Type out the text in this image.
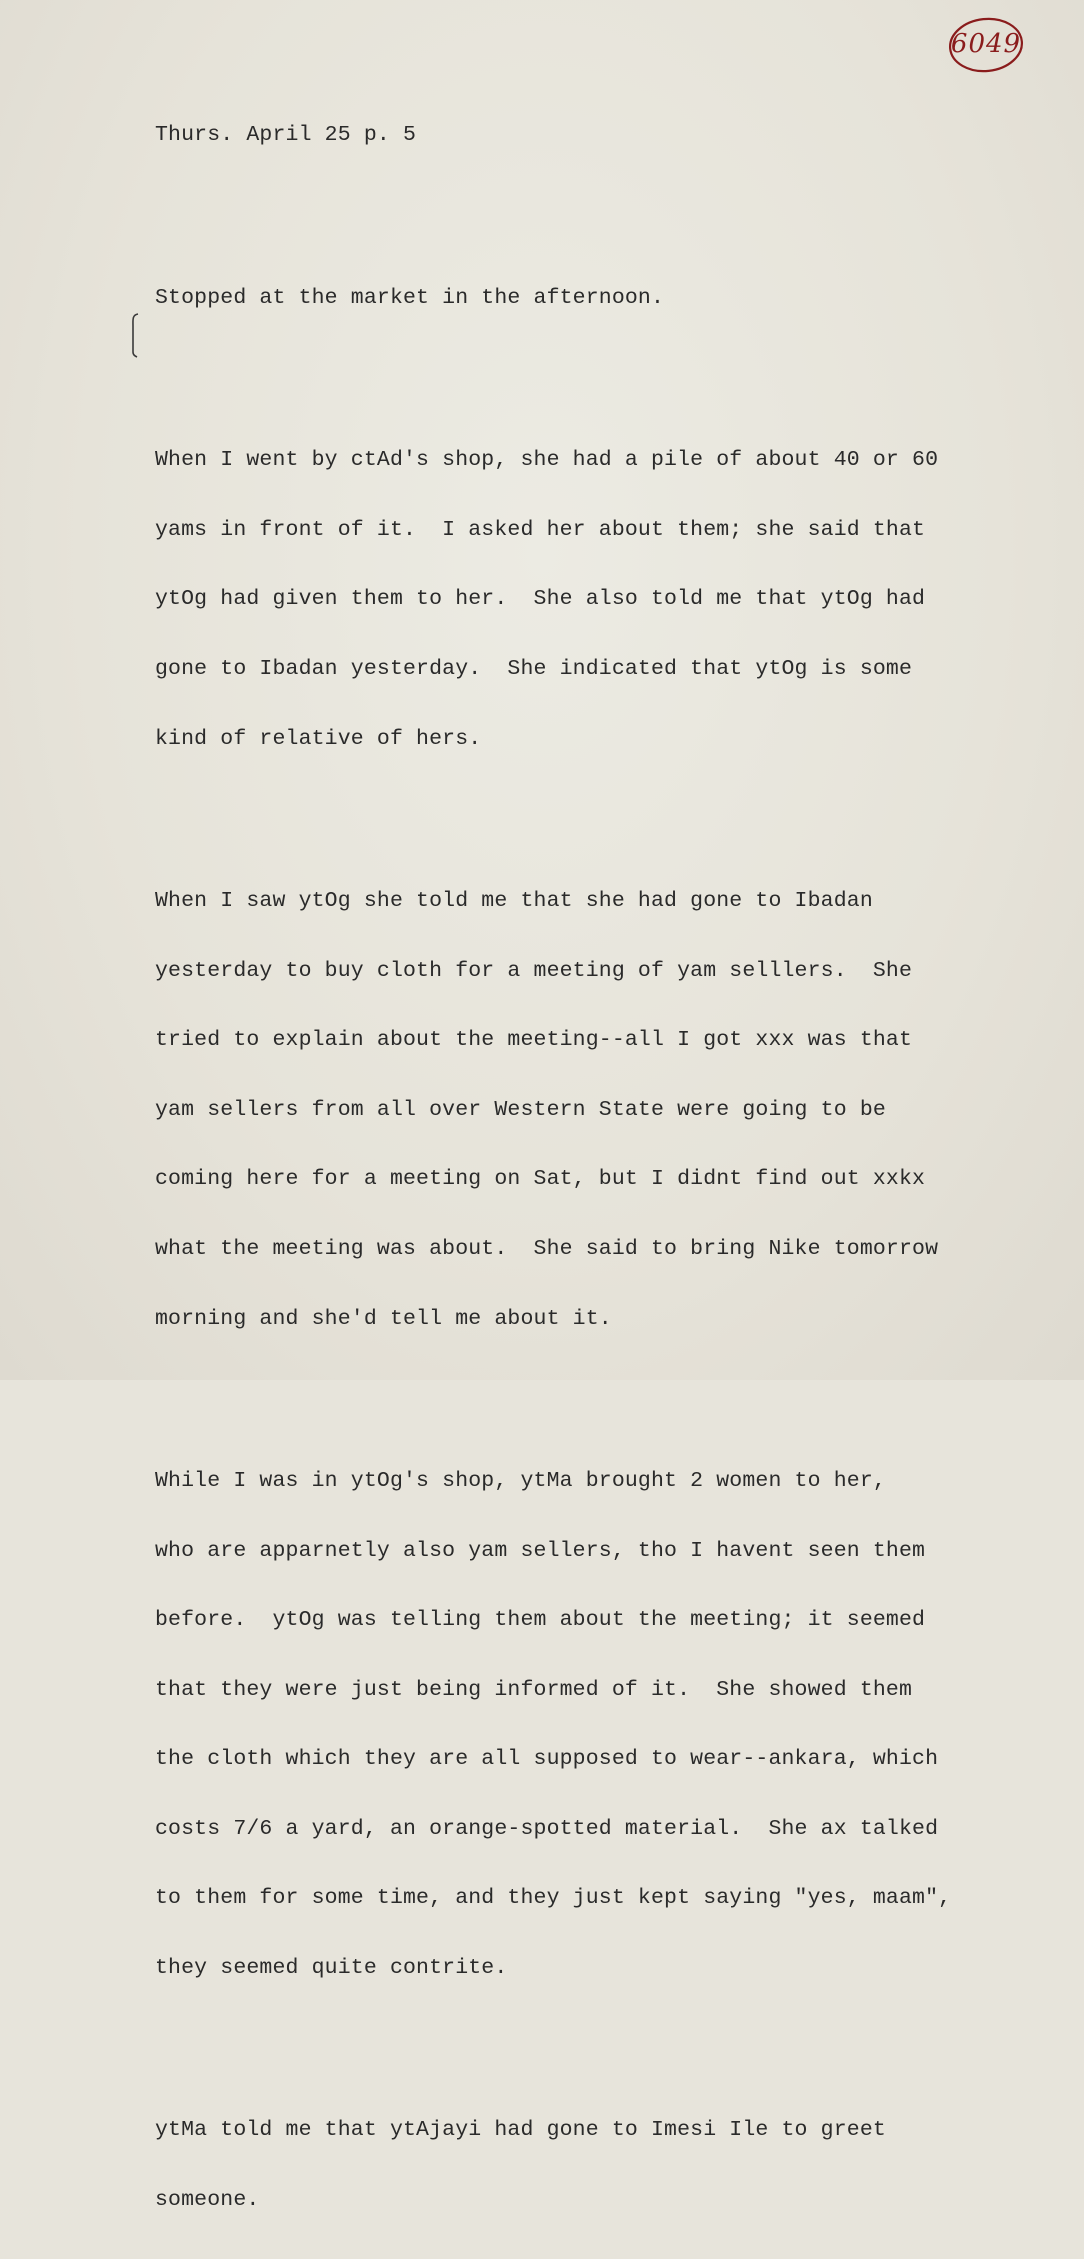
6049

Thurs. April 25 p. 5

Stopped at the market in the afternoon.

When I went by ctAd's shop, she had a pile of about 40 or 60

yams in front of it.  I asked her about them; she said that

ytOg had given them to her.  She also told me that ytOg had

gone to Ibadan yesterday.  She indicated that ytOg is some

kind of relative of hers.

When I saw ytOg she told me that she had gone to Ibadan

yesterday to buy cloth for a meeting of yam selllers.  She

tried to explain about the meeting--all I got xxx was that

yam sellers from all over Western State were going to be

coming here for a meeting on Sat, but I didnt find out xxkx

what the meeting was about.  She said to bring Nike tomorrow

morning and she'd tell me about it.

While I was in ytOg's shop, ytMa brought 2 women to her,

who are apparnetly also yam sellers, tho I havent seen them

before.  ytOg was telling them about the meeting; it seemed

that they were just being informed of it.  She showed them

the cloth which they are all supposed to wear--ankara, which

costs 7/6 a yard, an orange-spotted material.  She ax talked

to them for some time, and they just kept saying "yes, maam",

they seemed quite contrite.

ytMa told me that ytAjayi had gone to Imesi Ile to greet

someone.
